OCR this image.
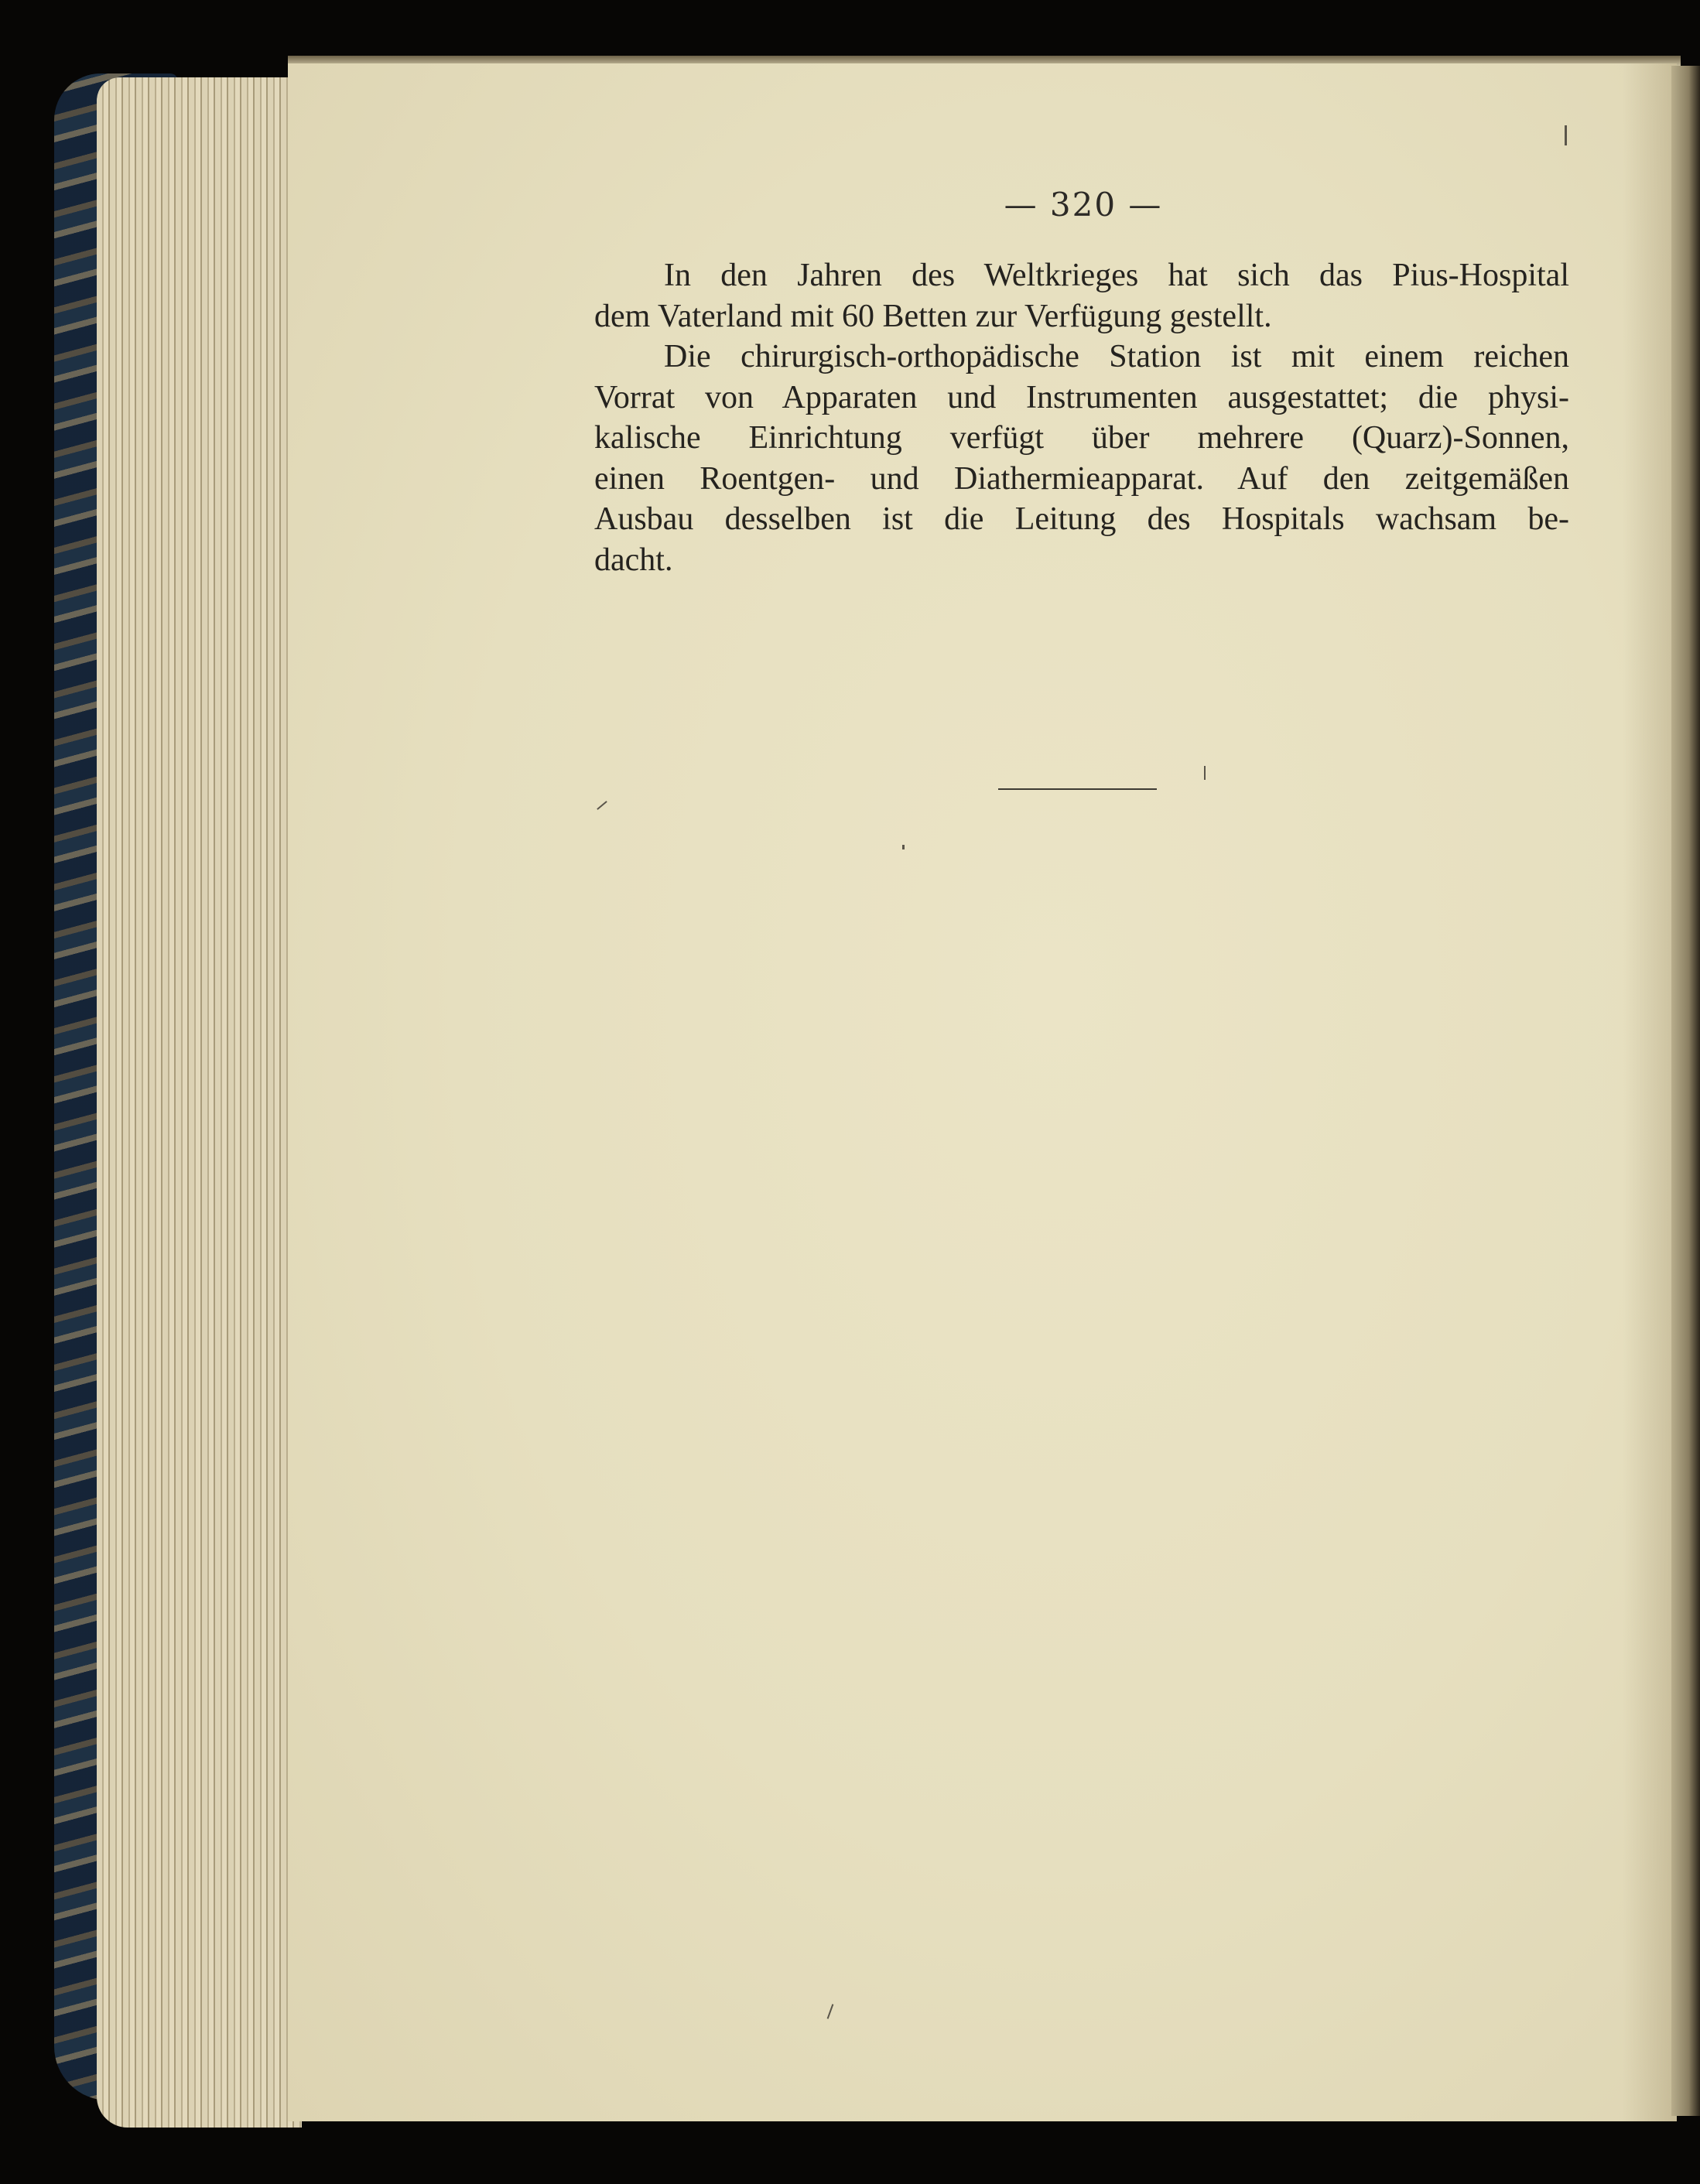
— 320 —

In den Jahren des Weltkrieges hat sich das Pius-Hospital
dem Vaterland mit 60 Betten zur Verfügung gestellt.

Die chirurgisch-orthopädische Station ist mit einem reichen
Vorrat von Apparaten und Instrumenten ausgestattet; die physi-
kalische Einrichtung verfügt über mehrere (Quarz)-Sonnen,
einen Roentgen- und Diathermieapparat. Auf den zeitgemäßen
Ausbau desselben ist die Leitung des Hospitals wachsam be-
dacht.
